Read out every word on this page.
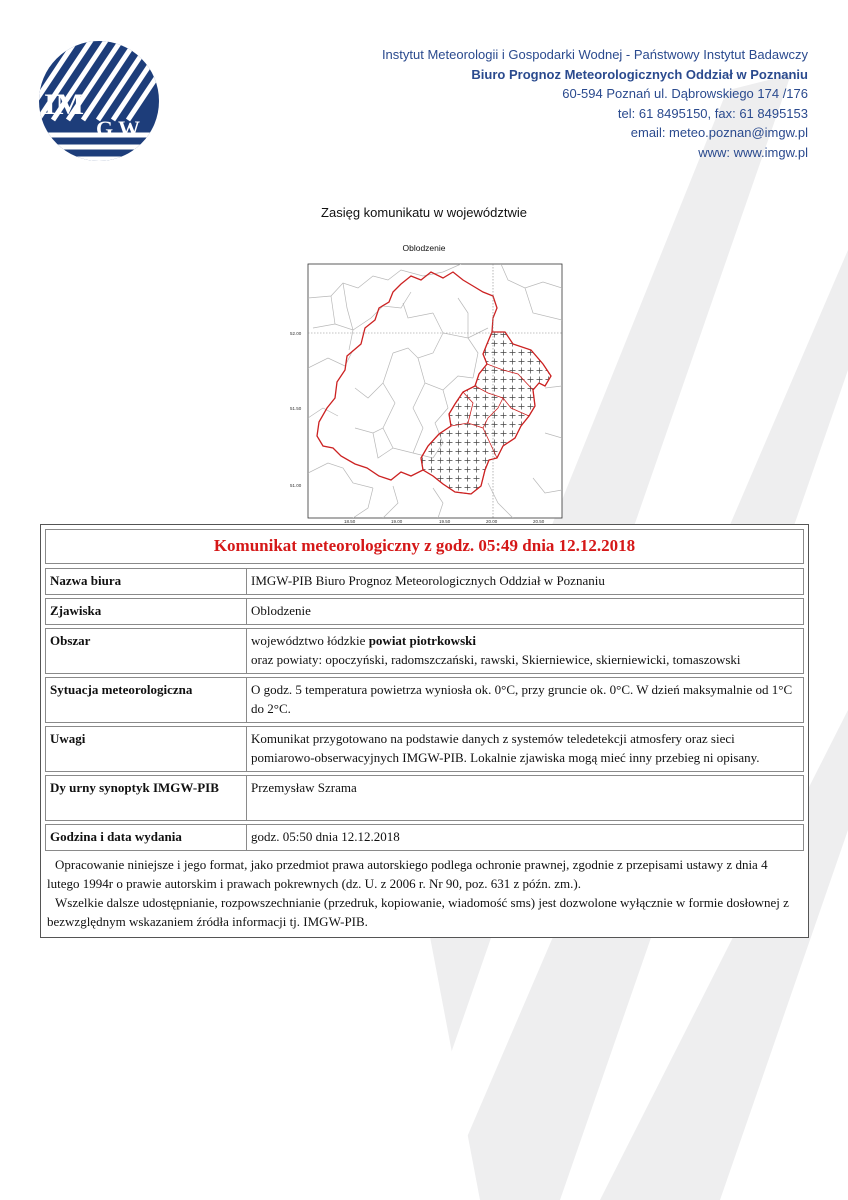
IM
G W
Instytut Meteorologii i Gospodarki Wodnej - Państwowy Instytut Badawczy
Biuro Prognoz Meteorologicznych Oddział w Poznaniu
60-594 Poznań ul. Dąbrowskiego 174 /176
tel: 61 8495150, fax: 61 8495153
email: meteo.poznan@imgw.pl
www: www.imgw.pl
Zasięg komunikatu w województwie
Oblodzenie
52.00
51.50
51.00
18.50	19.00	19.50	20.00	20.50
Komunikat meteorologiczny z godz. 05:49 dnia 12.12.2018
Nazwa biura	IMGW-PIB Biuro Prognoz Meteorologicznych Oddział w Poznaniu
Zjawiska	Oblodzenie
Obszar	województwo łódzkie powiat piotrkowski
oraz powiaty: opoczyński, radomszczański, rawski, Skierniewice, skierniewicki, tomaszowski
Sytuacja meteorologiczna	O godz. 5 temperatura powietrza wyniosła ok. 0°C, przy gruncie ok. 0°C. W dzień maksymalnie od 1°C do 2°C.
Uwagi	Komunikat przygotowano na podstawie danych z systemów teledetekcji atmosfery oraz sieci pomiarowo-obserwacyjnych IMGW-PIB. Lokalnie zjawiska mogą mieć inny przebieg ni opisany.
Dy urny synoptyk IMGW-PIB	Przemysław Szrama
Godzina i data wydania	godz. 05:50 dnia 12.12.2018

Opracowanie niniejsze i jego format, jako przedmiot prawa autorskiego podlega ochronie prawnej, zgodnie z przepisami ustawy z dnia 4 lutego 1994r o prawie autorskim i prawach pokrewnych (dz. U. z 2006 r. Nr 90, poz. 631 z późn. zm.).

Wszelkie dalsze udostępnianie, rozpowszechnianie (przedruk, kopiowanie, wiadomość sms) jest dozwolone wyłącznie w formie dosłownej z bezwzględnym wskazaniem źródła informacji tj. IMGW-PIB.
